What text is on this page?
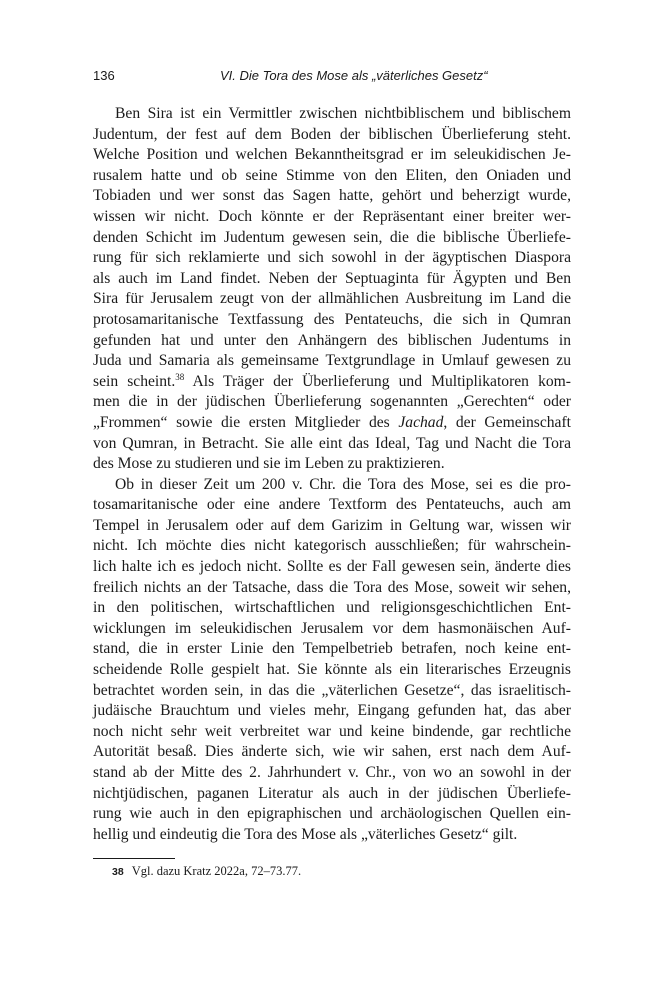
136	VI. Die Tora des Mose als „väterliches Gesetz“
Ben Sira ist ein Vermittler zwischen nichtbiblischem und biblischem
Judentum, der fest auf dem Boden der biblischen Überlieferung steht.
Welche Position und welchen Bekanntheitsgrad er im seleukidischen Je-
rusalem hatte und ob seine Stimme von den Eliten, den Oniaden und
Tobiaden und wer sonst das Sagen hatte, gehört und beherzigt wurde,
wissen wir nicht. Doch könnte er der Repräsentant einer breiter wer-
denden Schicht im Judentum gewesen sein, die die biblische Überliefe-
rung für sich reklamierte und sich sowohl in der ägyptischen Diaspora
als auch im Land findet. Neben der Septuaginta für Ägypten und Ben
Sira für Jerusalem zeugt von der allmählichen Ausbreitung im Land die
protosamaritanische Textfassung des Pentateuchs, die sich in Qumran
gefunden hat und unter den Anhängern des biblischen Judentums in
Juda und Samaria als gemeinsame Textgrundlage in Umlauf gewesen zu
sein scheint.$^{38}$ Als Träger der Überlieferung und Multiplikatoren kom-
men die in der jüdischen Überlieferung sogenannten „Gerechten“ oder
„Frommen“ sowie die ersten Mitglieder des Jachad, der Gemeinschaft
von Qumran, in Betracht. Sie alle eint das Ideal, Tag und Nacht die Tora
des Mose zu studieren und sie im Leben zu praktizieren.
Ob in dieser Zeit um 200 v. Chr. die Tora des Mose, sei es die pro-
tosamaritanische oder eine andere Textform des Pentateuchs, auch am
Tempel in Jerusalem oder auf dem Garizim in Geltung war, wissen wir
nicht. Ich möchte dies nicht kategorisch ausschließen; für wahrschein-
lich halte ich es jedoch nicht. Sollte es der Fall gewesen sein, änderte dies
freilich nichts an der Tatsache, dass die Tora des Mose, soweit wir sehen,
in den politischen, wirtschaftlichen und religionsgeschichtlichen Ent-
wicklungen im seleukidischen Jerusalem vor dem hasmonäischen Auf-
stand, die in erster Linie den Tempelbetrieb betrafen, noch keine ent-
scheidende Rolle gespielt hat. Sie könnte als ein literarisches Erzeugnis
betrachtet worden sein, in das die „väterlichen Gesetze“, das israelitisch-
judäische Brauchtum und vieles mehr, Eingang gefunden hat, das aber
noch nicht sehr weit verbreitet war und keine bindende, gar rechtliche
Autorität besaß. Dies änderte sich, wie wir sahen, erst nach dem Auf-
stand ab der Mitte des 2. Jahrhundert v. Chr., von wo an sowohl in der
nichtjüdischen, paganen Literatur als auch in der jüdischen Überliefe-
rung wie auch in den epigraphischen und archäologischen Quellen ein-
hellig und eindeutig die Tora des Mose als „väterliches Gesetz“ gilt.
38 Vgl. dazu Kratz 2022a, 72–73.77.
